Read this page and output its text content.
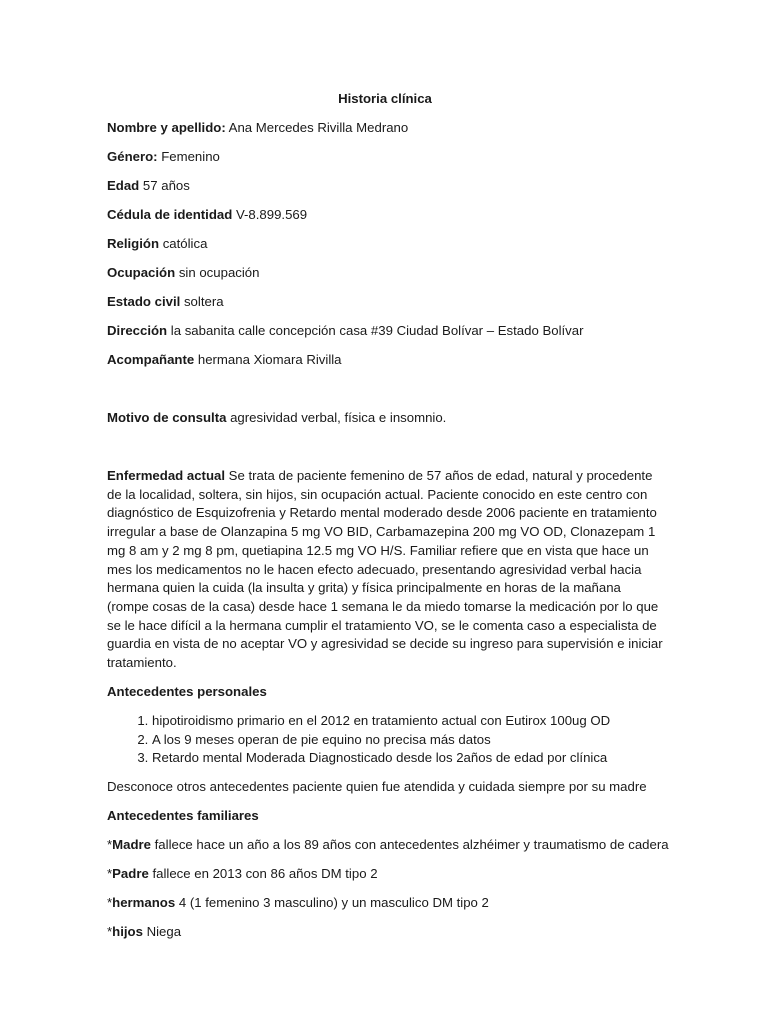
Historia clínica

Nombre y apellido: Ana Mercedes Rivilla Medrano

Género: Femenino

Edad 57 años

Cédula de identidad V-8.899.569

Religión católica

Ocupación sin ocupación

Estado civil soltera

Dirección la sabanita calle concepción casa #39 Ciudad Bolívar – Estado Bolívar

Acompañante hermana Xiomara Rivilla

Motivo de consulta agresividad verbal, física e insomnio.

Enfermedad actual Se trata de paciente femenino de 57 años de edad, natural y procedente de la localidad, soltera, sin hijos, sin ocupación actual. Paciente conocido en este centro con diagnóstico de Esquizofrenia y Retardo mental moderado desde 2006 paciente en tratamiento irregular a base de Olanzapina 5 mg VO BID, Carbamazepina 200 mg VO OD, Clonazepam 1 mg 8 am y 2 mg 8 pm, quetiapina 12.5 mg VO H/S. Familiar refiere que en vista que hace un mes los medicamentos no le hacen efecto adecuado, presentando agresividad verbal hacia hermana quien la cuida (la insulta y grita) y física principalmente en horas de la mañana (rompe cosas de la casa) desde hace 1 semana le da miedo tomarse la medicación por lo que se le hace difícil a la hermana cumplir el tratamiento VO, se le comenta caso a especialista de guardia en vista de no aceptar VO y agresividad se decide su ingreso para supervisión e iniciar tratamiento.

Antecedentes personales

1. hipotiroidismo primario en el 2012 en tratamiento actual con Eutirox 100ug OD
2. A los 9 meses operan de pie equino no precisa más datos
3. Retardo mental Moderada Diagnosticado desde los 2años de edad por clínica

Desconoce otros antecedentes paciente quien fue atendida y cuidada siempre por su madre

Antecedentes familiares

*Madre fallece hace un año a los 89 años con antecedentes alzhéimer y traumatismo de cadera

*Padre fallece en 2013 con 86 años DM tipo 2

*hermanos 4 (1 femenino 3 masculino) y un masculico DM tipo 2

*hijos Niega
